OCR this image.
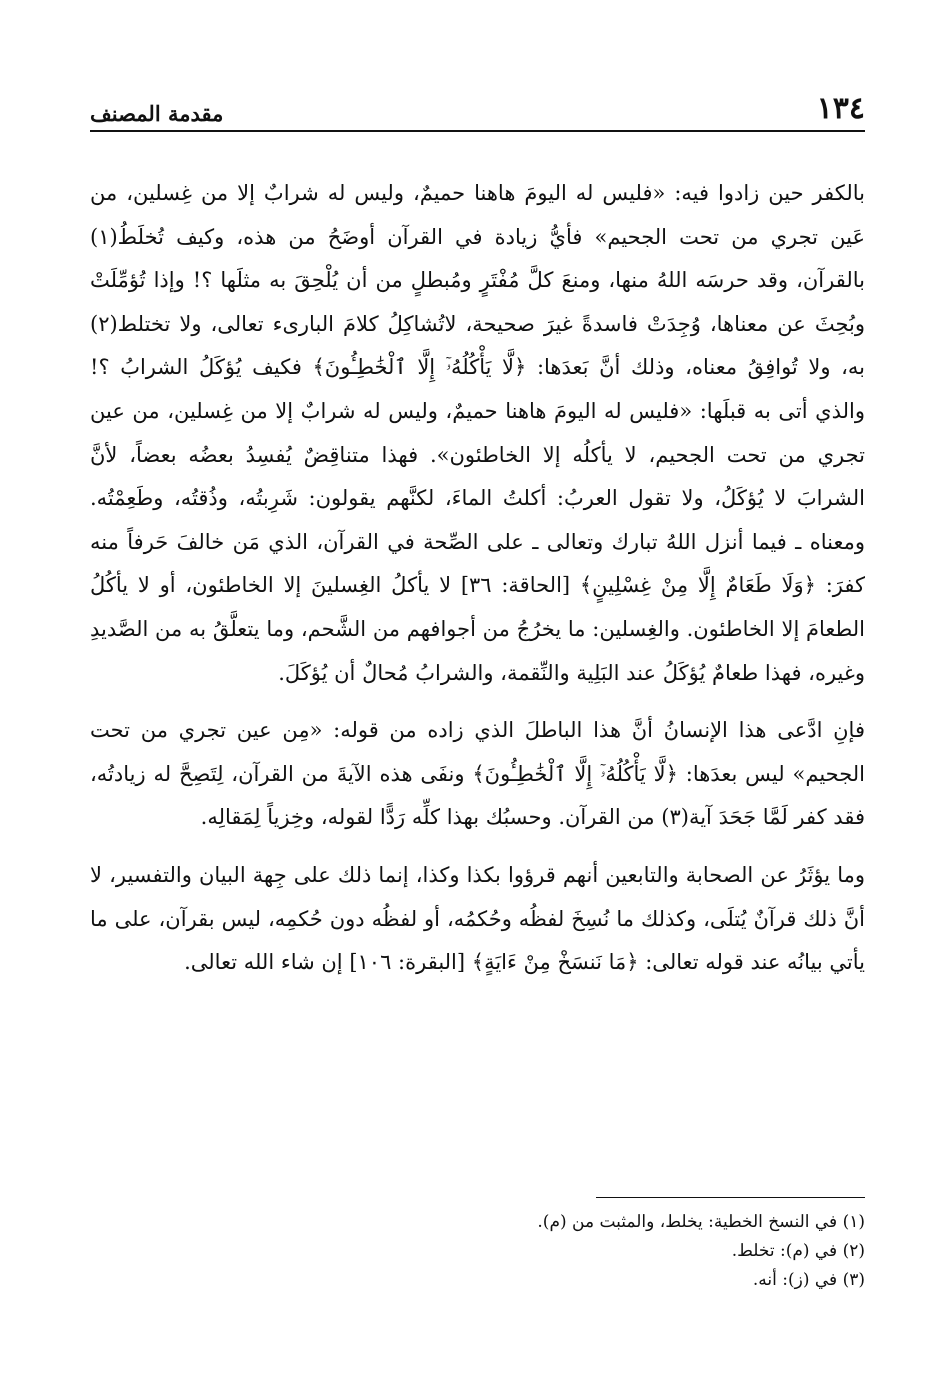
١٣٤
مقدمة المصنف

بالكفر حين زادوا فيه: «فليس له اليومَ هاهنا حميمٌ، وليس له شرابٌ إلا من غِسلين، من عَين تجري من تحت الجحيم» فأيُّ زيادة في القرآن أوضَحُ من هذه، وكيف تُخلَطُ(١) بالقرآن، وقد حرسَه اللهُ منها، ومنعَ كلَّ مُفْتَرٍ ومُبطلٍ من أن يُلْحِقَ به مثلَها ؟! وإذا تُؤمِّلَتْ وبُحِثَ عن معناها، وُجِدَتْ فاسدةً غيرَ صحيحة، لاتُشاكِلُ كلامَ البارىء تعالى، ولا تختلط(٢) به، ولا تُوافِقُ معناه، وذلك أنَّ بَعدَها: ﴿لَّا يَأْكُلُهُۥٓ إِلَّا ٱلْخَٰطِـُٔونَ﴾ فكيف يُؤكَلُ الشرابُ ؟! والذي أتى به قبلَها: «فليس له اليومَ هاهنا حميمٌ، وليس له شرابٌ إلا من غِسلين، من عين تجري من تحت الجحيم، لا يأكلُه إلا الخاطئون». فهذا متناقِضٌ يُفسِدُ بعضُه بعضاً، لأنَّ الشرابَ لا يُؤكَلُ، ولا تقول العربُ: أكلتُ الماءَ، لكنَّهم يقولون: شَرِبتُه، وذُقتُه، وطَعِمْتُه. ومعناه ـ فيما أنزل اللهُ تبارك وتعالى ـ على الصِّحة في القرآن، الذي مَن خالفَ حَرفاً منه كفرَ: ﴿وَلَا طَعَامٌ إِلَّا مِنْ غِسْلِينٍ﴾ [الحاقة: ٣٦] لا يأكلُ الغِسلينَ إلا الخاطئون، أو لا يأكُلُ الطعامَ إلا الخاطئون. والغِسلين: ما يخرُجُ من أجوافهم من الشَّحم، وما يتعلَّقُ به من الصَّديدِ وغيره، فهذا طعامٌ يُؤكَلُ عند البَلِية والنِّقمة، والشرابُ مُحالٌ أن يُؤكَلَ.

فإنِ ادَّعى هذا الإنسانُ أنَّ هذا الباطلَ الذي زاده من قوله: «مِن عين تجري من تحت الجحيم» ليس بعدَها: ﴿لَّا يَأْكُلُهُۥٓ إِلَّا ٱلْخَٰطِـُٔونَ﴾ ونفَى هذه الآيةَ من القرآن، لِتَصِحَّ له زيادتُه، فقد كفر لَمَّا جَحَدَ آية(٣) من القرآن. وحسبُك بهذا كلِّه رَدًّا لقوله، وخِزياً لِمَقالِه.

وما يؤثَرُ عن الصحابة والتابعين أنهم قرؤوا بكذا وكذا، إنما ذلك على جِهة البيان والتفسير، لا أنَّ ذلك قرآنٌ يُتلَى، وكذلك ما نُسِخَ لفظُه وحُكمُه، أو لفظُه دون حُكمِه، ليس بقرآن، على ما يأتي بيانُه عند قوله تعالى: ﴿مَا نَنسَخْ مِنْ ءَايَةٍ﴾ [البقرة: ١٠٦] إن شاء الله تعالى.

(١) في النسخ الخطية: يخلط، والمثبت من (م).
(٢) في (م): تخلط.
(٣) في (ز): أنه.
